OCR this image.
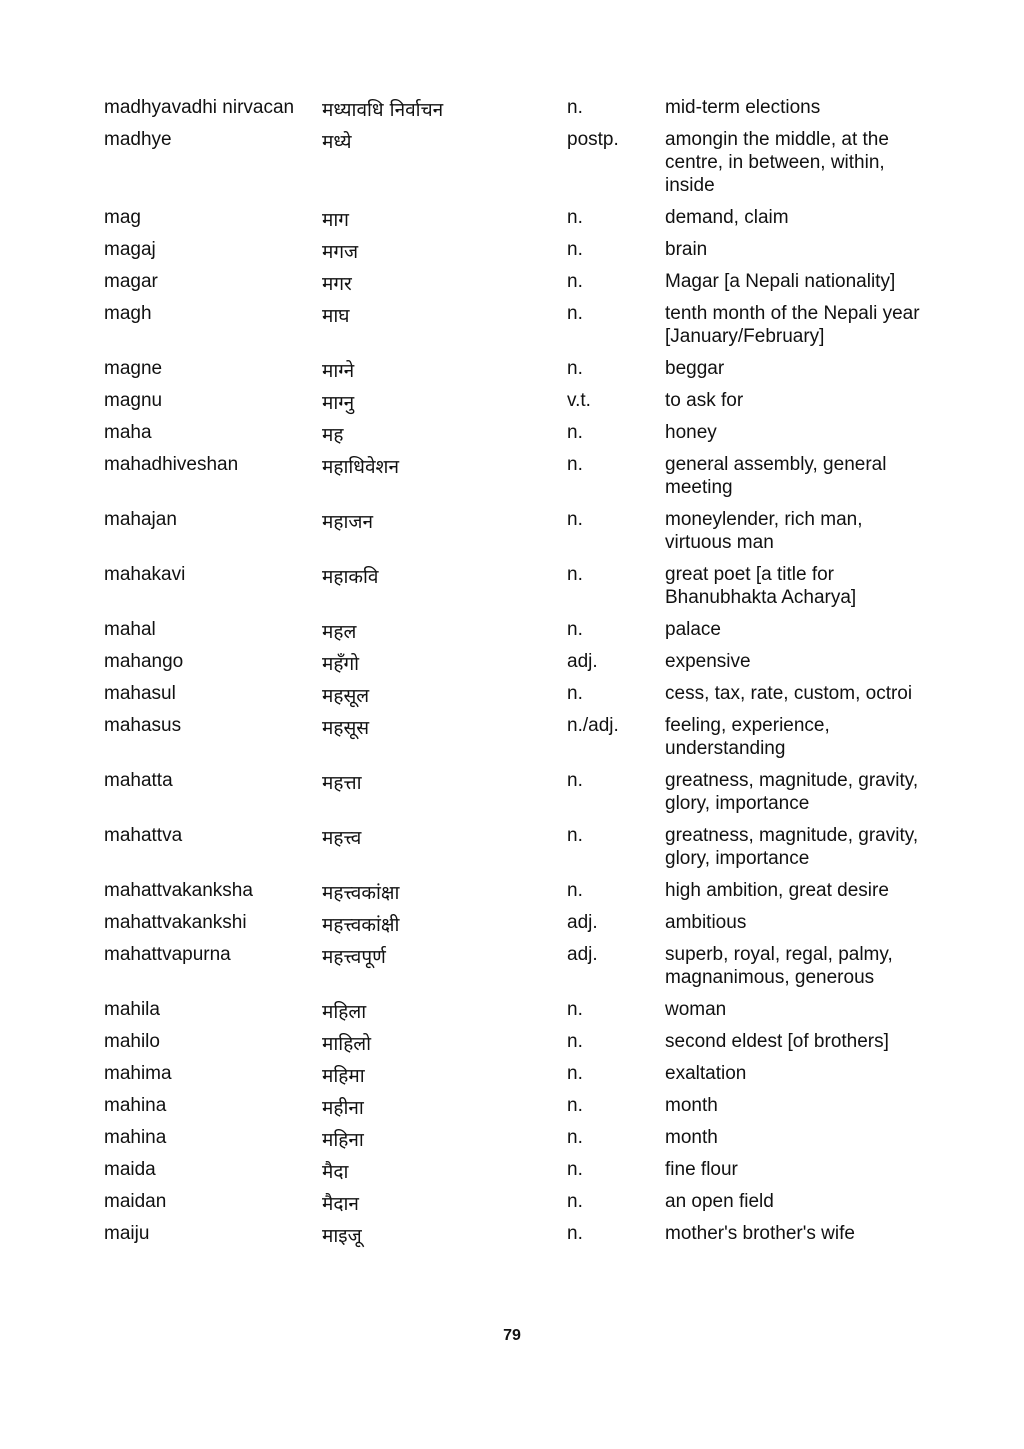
madhyavadhi nirvacan	मध्यावधि निर्वाचन	n.	mid-term elections
madhye	मध्ये	postp.	amongin the middle, at the centre, in between, within, inside
mag	माग	n.	demand, claim
magaj	मगज	n.	brain
magar	मगर	n.	Magar [a Nepali nationality]
magh	माघ	n.	tenth month of the Nepali year [January/February]
magne	माग्ने	n.	beggar
magnu	माग्नु	v.t.	to ask for
maha	मह	n.	honey
mahadhiveshan	महाधिवेशन	n.	general assembly, general meeting
mahajan	महाजन	n.	moneylender, rich man, virtuous man
mahakavi	महाकवि	n.	great poet [a title for Bhanubhakta Acharya]
mahal	महल	n.	palace
mahango	महँगो	adj.	expensive
mahasul	महसूल	n.	cess, tax, rate, custom, octroi
mahasus	महसूस	n./adj.	feeling, experience, understanding
mahatta	महत्ता	n.	greatness, magnitude, gravity, glory, importance
mahattva	महत्त्व	n.	greatness, magnitude, gravity, glory, importance
mahattvakanksha	महत्त्वकांक्षा	n.	high ambition, great desire
mahattvakankshi	महत्त्वकांक्षी	adj.	ambitious
mahattvapurna	महत्त्वपूर्ण	adj.	superb, royal, regal, palmy, magnanimous, generous
mahila	महिला	n.	woman
mahilo	माहिलो	n.	second eldest [of brothers]
mahima	महिमा	n.	exaltation
mahina	महीना	n.	month
mahina	महिना	n.	month
maida	मैदा	n.	fine flour
maidan	मैदान	n.	an open field
maiju	माइजू	n.	mother's brother's wife
79
